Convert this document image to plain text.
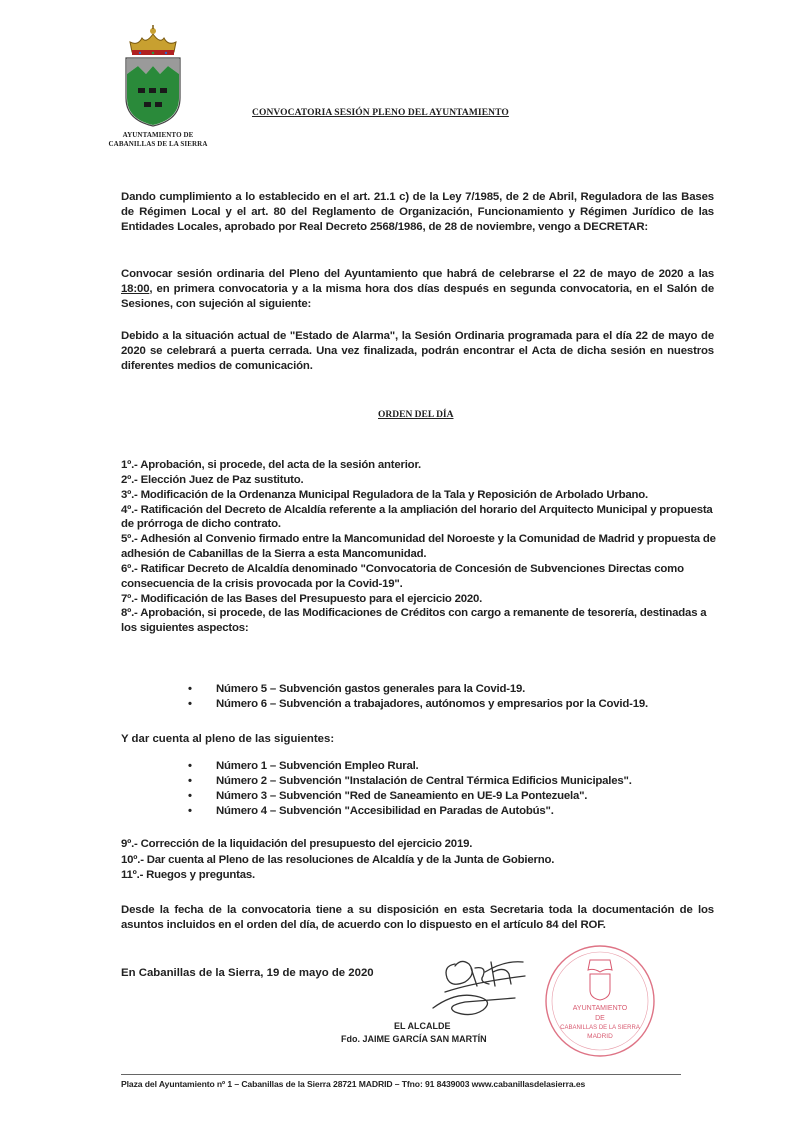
AYUNTAMIENTO DE
CABANILLAS DE LA SIERRA
CONVOCATORIA SESIÓN PLENO DEL AYUNTAMIENTO
Dando cumplimiento a lo establecido en el art. 21.1 c) de la Ley 7/1985, de 2 de Abril, Reguladora de las Bases de Régimen Local y el art. 80 del Reglamento de Organización, Funcionamiento y Régimen Jurídico de las Entidades Locales, aprobado por Real Decreto 2568/1986, de 28 de noviembre, vengo a DECRETAR:
Convocar sesión ordinaria del Pleno del Ayuntamiento que habrá de celebrarse el 22 de mayo de 2020 a las 18:00, en primera convocatoria y a la misma hora dos días después en segunda convocatoria, en el Salón de Sesiones, con sujeción al siguiente:
Debido a la situación actual de "Estado de Alarma", la Sesión Ordinaria programada para el día 22 de mayo de 2020 se celebrará a puerta cerrada. Una vez finalizada, podrán encontrar el Acta de dicha sesión en nuestros diferentes medios de comunicación.
ORDEN DEL DÍA

1º.- Aprobación, si procede, del acta de la sesión anterior.

2º.- Elección Juez de Paz sustituto.

3º.- Modificación de la Ordenanza Municipal Reguladora de la Tala y Reposición de Arbolado Urbano.

4º.- Ratificación del Decreto de Alcaldía referente a la ampliación del horario del Arquitecto Municipal y propuesta de prórroga de dicho contrato.

5º.- Adhesión al Convenio firmado entre la Mancomunidad del Noroeste y la Comunidad de Madrid y propuesta de adhesión de Cabanillas de la Sierra a esta Mancomunidad.

6º.- Ratificar Decreto de Alcaldía denominado "Convocatoria de Concesión de Subvenciones Directas como consecuencia de la crisis provocada por la Covid-19".

7º.- Modificación de las Bases del Presupuesto para el ejercicio 2020.

8º.- Aprobación, si procede, de las Modificaciones de Créditos con cargo a remanente de tesorería, destinadas a los siguientes aspectos:

• Número 5 – Subvención gastos generales para la Covid-19.
• Número 6 – Subvención a trabajadores, autónomos y empresarios por la Covid-19.
Y dar cuenta al pleno de las siguientes:
• Número 1 – Subvención Empleo Rural.
• Número 2 – Subvención "Instalación de Central Térmica Edificios Municipales".
• Número 3 – Subvención "Red de Saneamiento en UE-9 La Pontezuela".
• Número 4 – Subvención "Accesibilidad en Paradas de Autobús".

9º.- Corrección de la liquidación del presupuesto del ejercicio 2019.

10º.- Dar cuenta al Pleno de las resoluciones de Alcaldía y de la Junta de Gobierno.

11º.- Ruegos y preguntas.

Desde la fecha de la convocatoria tiene a su disposición en esta Secretaria toda la documentación de los asuntos incluidos en el orden del día, de acuerdo con lo dispuesto en el artículo 84 del ROF.
En Cabanillas de la Sierra, 19 de mayo de 2020
AYUNTAMIENTO
DE
CABANILLAS DE LA SIERRA
MADRID
EL ALCALDE
Fdo. JAIME GARCÍA SAN MARTÍN
Plaza del Ayuntamiento nº 1 – Cabanillas de la Sierra 28721 MADRID – Tfno: 91 8439003 www.cabanillasdelasierra.es
